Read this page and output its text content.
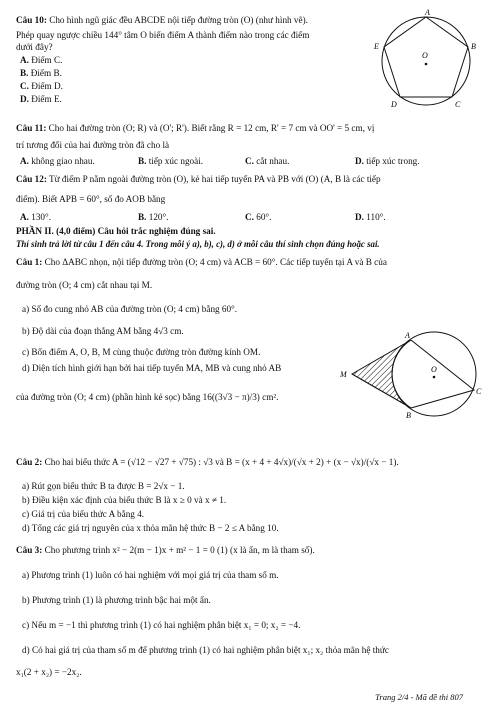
Câu 10: Cho hình ngũ giác đều ABCDE nội tiếp đường tròn (O) (như hình vẽ).
Phép quay ngược chiều 144° tâm O biến điểm A thành điểm nào trong các điểm
dưới đây?
A. Điểm C.
B. Điểm B.
C. Điểm D.
D. Điểm E.
A
B
C
D
E
O
Câu 11: Cho hai đường tròn (O; R) và (O'; R'). Biết rằng R = 12 cm, R' = 7 cm và OO' = 5 cm, vị
trí tương đối của hai đường tròn đã cho là
A. không giao nhau.	B. tiếp xúc ngoài.	C. cắt nhau.	D. tiếp xúc trong.
Câu 12: Từ điểm P nằm ngoài đường tròn (O), kẻ hai tiếp tuyến PA và PB với (O) (A, B là các tiếp
điểm). Biết APB = 60°, số đo AOB bằng
A. 130°.	B. 120°.	C. 60°.	D. 110°.
PHẦN II. (4,0 điểm) Câu hỏi trắc nghiệm đúng sai.
Thí sinh trả lời từ câu 1 đến câu 4. Trong mỗi ý a), b), c), d) ở mỗi câu thí sinh chọn đúng hoặc sai.
Câu 1: Cho ΔABC nhọn, nội tiếp đường tròn (O; 4 cm) và ACB = 60°. Các tiếp tuyến tại A và B của
đường tròn (O; 4 cm) cắt nhau tại M.
a) Số đo cung nhỏ AB của đường tròn (O; 4 cm) bằng 60°.
b) Độ dài của đoạn thẳng AM bằng 4√3 cm.
c) Bốn điểm A, O, B, M cùng thuộc đường tròn đường kính OM.
d) Diện tích hình giới hạn bởi hai tiếp tuyến MA, MB và cung nhỏ AB
của đường tròn (O; 4 cm) (phần hình kẻ sọc) bằng 16((3√3 − π)/3) cm².
M
A
B
C
O
Câu 2: Cho hai biểu thức A = (√12 − √27 + √75) : √3 và B = (x + 4 + 4√x)/(√x + 2) + (x − √x)/(√x − 1).
a) Rút gọn biểu thức B ta được B = 2√x − 1.
b) Điều kiện xác định của biểu thức B là x ≥ 0 và x ≠ 1.
c) Giá trị của biểu thức A bằng 4.
d) Tổng các giá trị nguyên của x thỏa mãn hệ thức B − 2 ≤ A bằng 10.
Câu 3: Cho phương trình x² − 2(m − 1)x + m² − 1 = 0 (1) (x là ẩn, m là tham số).
a) Phương trình (1) luôn có hai nghiệm với mọi giá trị của tham số m.
b) Phương trình (1) là phương trình bậc hai một ẩn.
c) Nếu m = −1 thì phương trình (1) có hai nghiệm phân biệt x₁ = 0; x₂ = −4.
d) Có hai giá trị của tham số m để phương trình (1) có hai nghiệm phân biệt x₁; x₂ thỏa mãn hệ thức
x₁(2 + x₂) = −2x₂.
Trang 2/4 - Mã đề thi 807
